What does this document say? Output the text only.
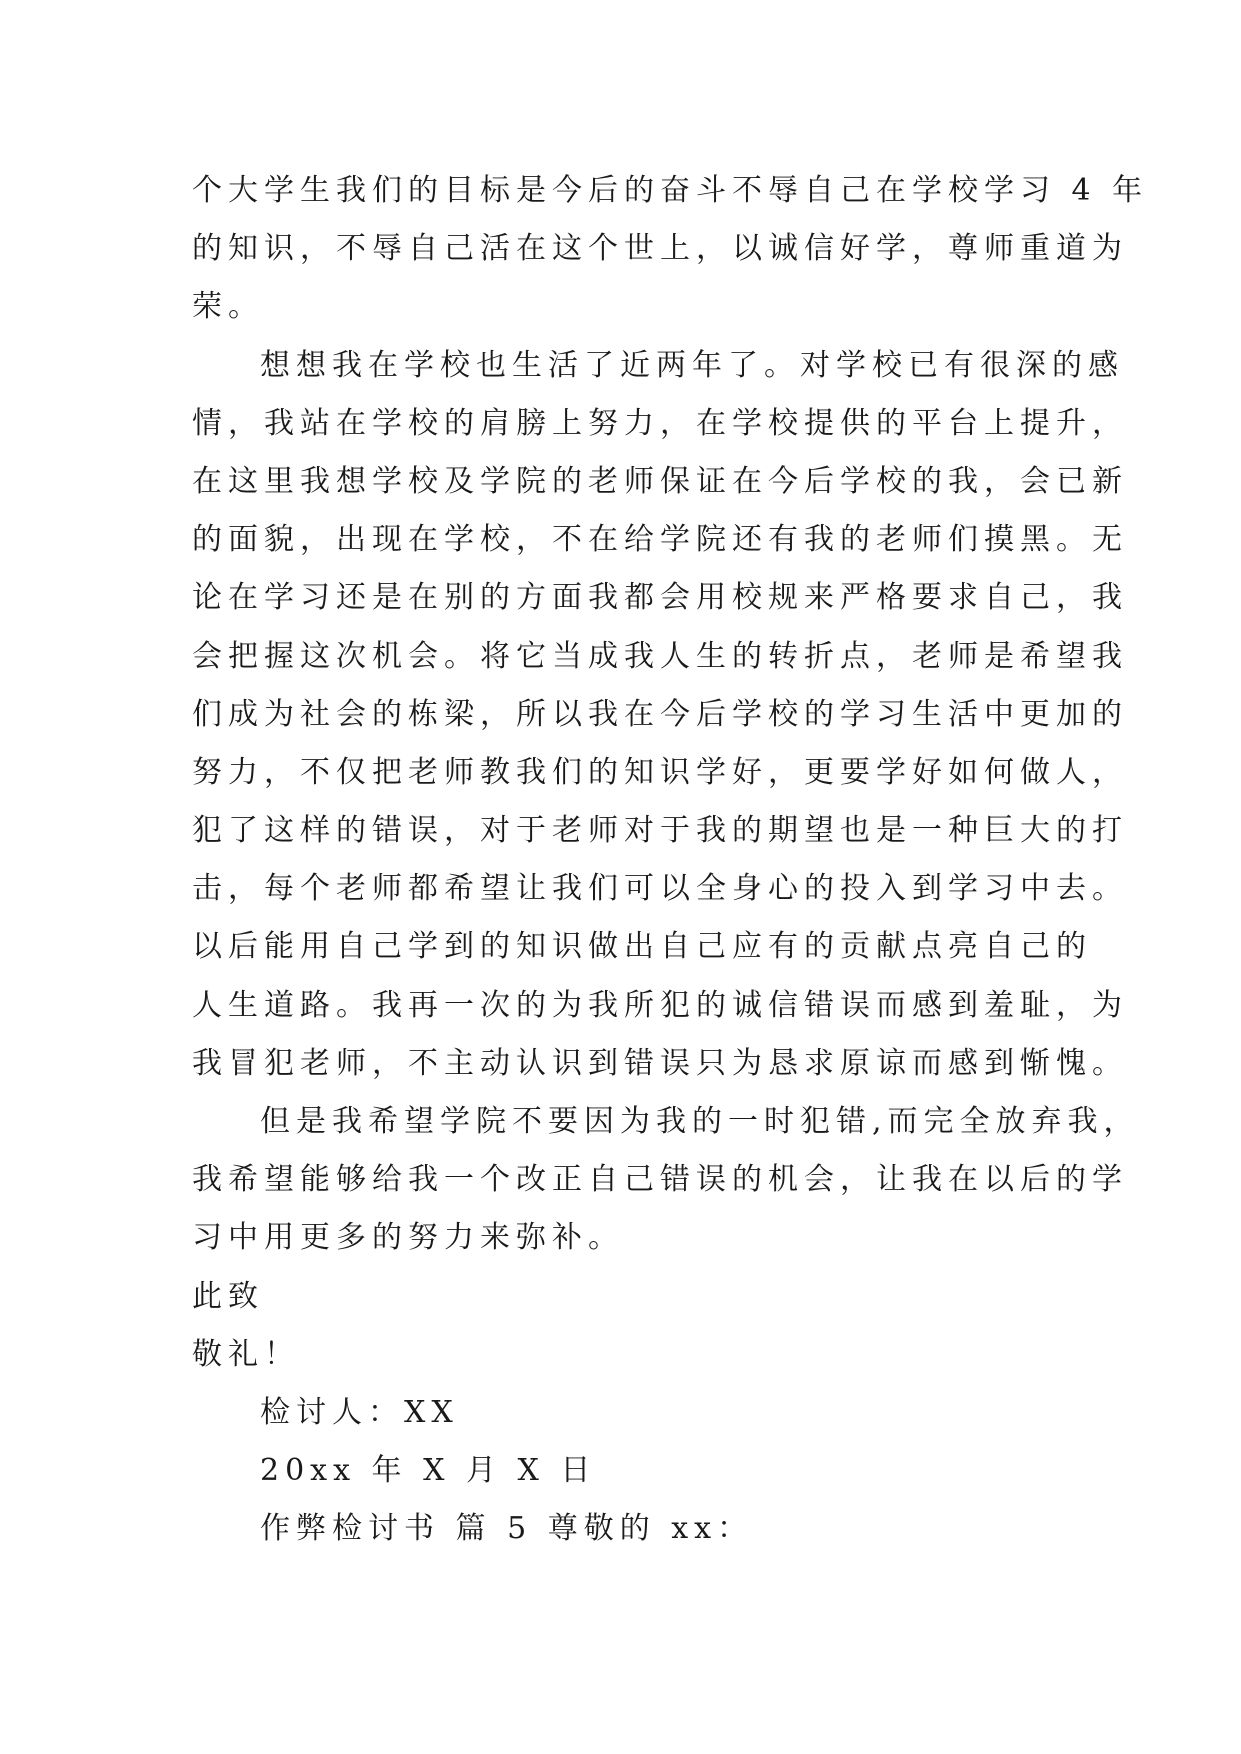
个大学生我们的目标是今后的奋斗不辱自己在学校学习 4 年
的知识，不辱自己活在这个世上，以诚信好学，尊师重道为
荣。
想想我在学校也生活了近两年了。对学校已有很深的感
情，我站在学校的肩膀上努力，在学校提供的平台上提升，
在这里我想学校及学院的老师保证在今后学校的我，会已新
的面貌，出现在学校，不在给学院还有我的老师们摸黑。无
论在学习还是在别的方面我都会用校规来严格要求自己，我
会把握这次机会。将它当成我人生的转折点，老师是希望我
们成为社会的栋梁，所以我在今后学校的学习生活中更加的
努力，不仅把老师教我们的知识学好，更要学好如何做人，
犯了这样的错误，对于老师对于我的期望也是一种巨大的打
击，每个老师都希望让我们可以全身心的投入到学习中去。
以后能用自己学到的知识做出自己应有的贡献点亮自己的
人生道路。我再一次的为我所犯的诚信错误而感到羞耻，为
我冒犯老师，不主动认识到错误只为恳求原谅而感到惭愧。
但是我希望学院不要因为我的一时犯错,而完全放弃我，
我希望能够给我一个改正自己错误的机会，让我在以后的学
习中用更多的努力来弥补。
此致
敬礼！
检讨人：XX
20xx 年 X 月 X 日
作弊检讨书 篇 5 尊敬的 xx：
